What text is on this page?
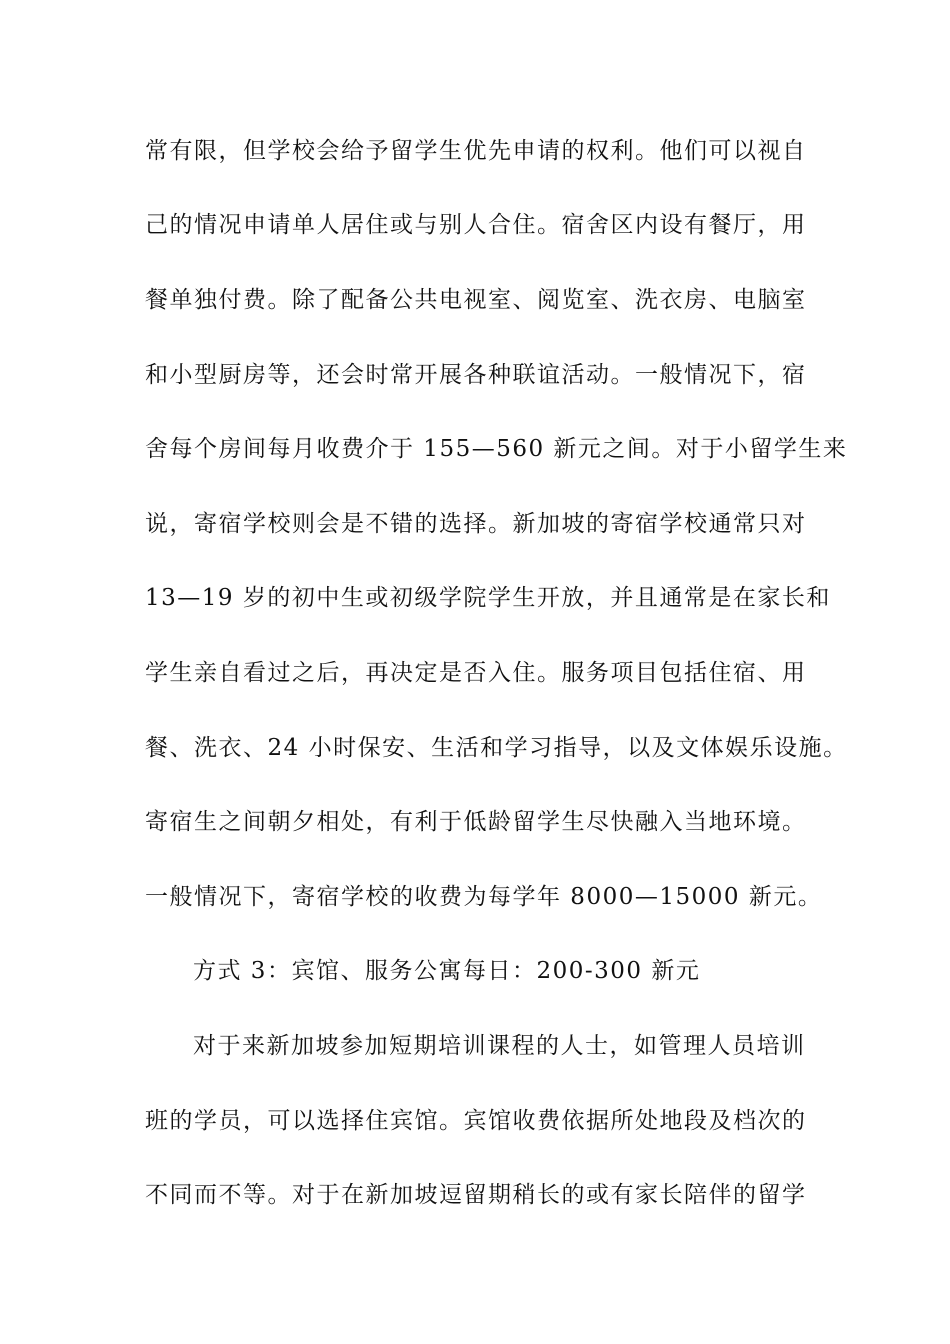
常有限，但学校会给予留学生优先申请的权利。他们可以视自
己的情况申请单人居住或与别人合住。宿舍区内设有餐厅，用
餐单独付费。除了配备公共电视室、阅览室、洗衣房、电脑室
和小型厨房等，还会时常开展各种联谊活动。一般情况下，宿
舍每个房间每月收费介于 155—560 新元之间。对于小留学生来
说，寄宿学校则会是不错的选择。新加坡的寄宿学校通常只对
13—19 岁的初中生或初级学院学生开放，并且通常是在家长和
学生亲自看过之后，再决定是否入住。服务项目包括住宿、用
餐、洗衣、24 小时保安、生活和学习指导，以及文体娱乐设施。
寄宿生之间朝夕相处，有利于低龄留学生尽快融入当地环境。
一般情况下，寄宿学校的收费为每学年 8000—15000 新元。
方式 3：宾馆、服务公寓每日：200-300 新元
对于来新加坡参加短期培训课程的人士，如管理人员培训
班的学员，可以选择住宾馆。宾馆收费依据所处地段及档次的
不同而不等。对于在新加坡逗留期稍长的或有家长陪伴的留学
